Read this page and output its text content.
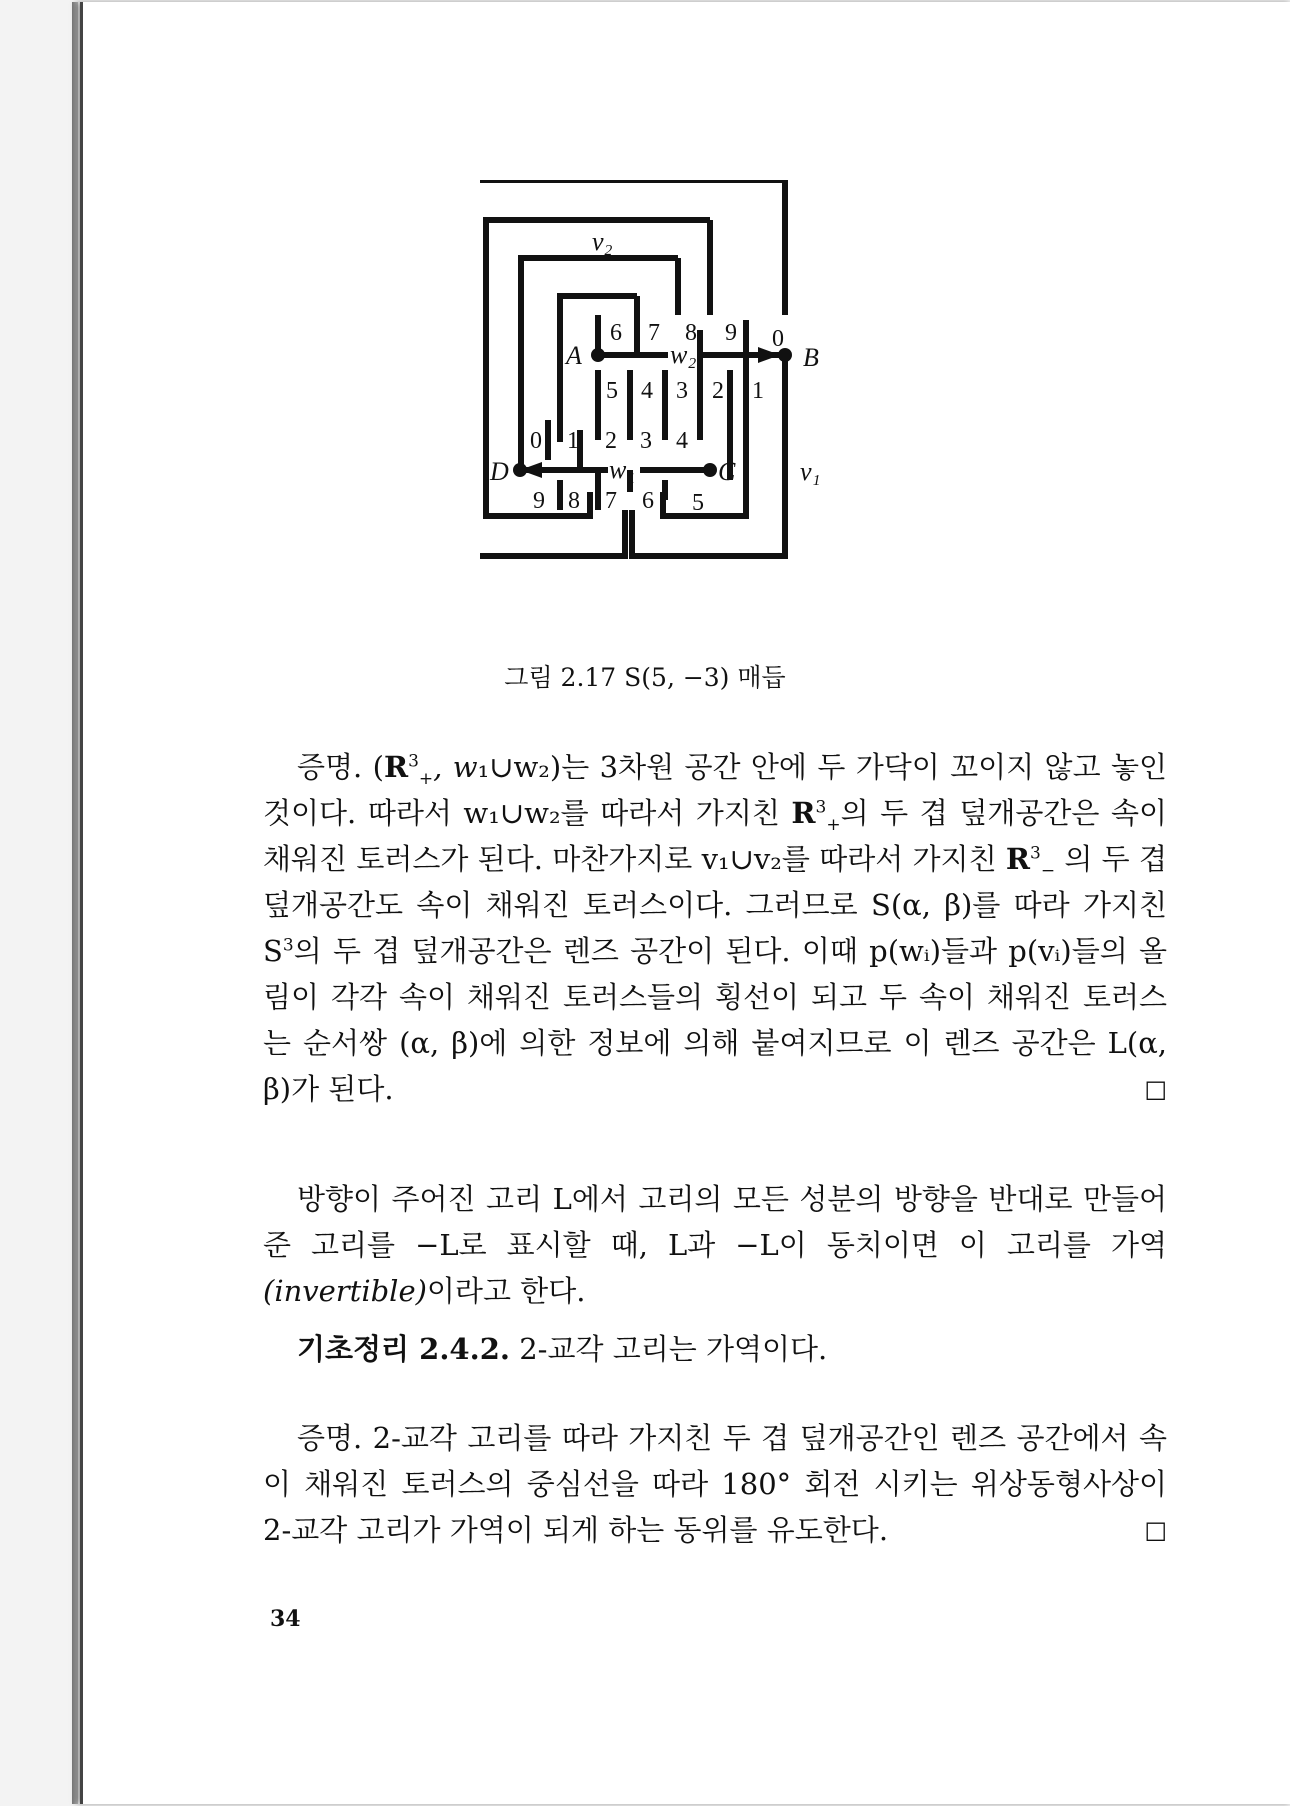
v₂
v₁
w₂
w₁
A	B
C
D
6 7 8 9 0
5 4 3 2 1
0 1 2 3 4
9 8 7 6 5
그림 2.17 S(5, −3) 매듭

증명. ($R^3_+$, w₁∪w₂)는 3차원 공간 안에 두 가닥이 꼬이지 않고 놓인 것이다. 따라서 w₁∪w₂를 따라서 가지친 $R^3_+$의 두 겹 덮개공간은 속이 채워진 토러스가 된다. 마찬가지로 v₁∪v₂를 따라서 가지친 $R^3_-$ 의 두 겹 덮개공간도 속이 채워진 토러스이다. 그러므로 S(α, β)를 따라 가지친 $S^3$의 두 겹 덮개공간은 렌즈 공간이 된다. 이때 p(wᵢ)들과 p(vᵢ)들의 올림이 각각 속이 채워진 토러스들의 횡선이 되고 두 속이 채워진 토러스는 순서쌍 (α, β)에 의한 정보에 의해 붙여지므로 이 렌즈 공간은 L(α, β)가 된다.	□

방향이 주어진 고리 L에서 고리의 모든 성분의 방향을 반대로 만들어준 고리를 −L로 표시할 때, L과 −L이 동치이면 이 고리를 가역 (invertible)이라고 한다.

기초정리 2.4.2. 2-교각 고리는 가역이다.

증명. 2-교각 고리를 따라 가지친 두 겹 덮개공간인 렌즈 공간에서 속이 채워진 토러스의 중심선을 따라 180° 회전 시키는 위상동형사상이 2-교각 고리가 가역이 되게 하는 동위를 유도한다.	□

34
